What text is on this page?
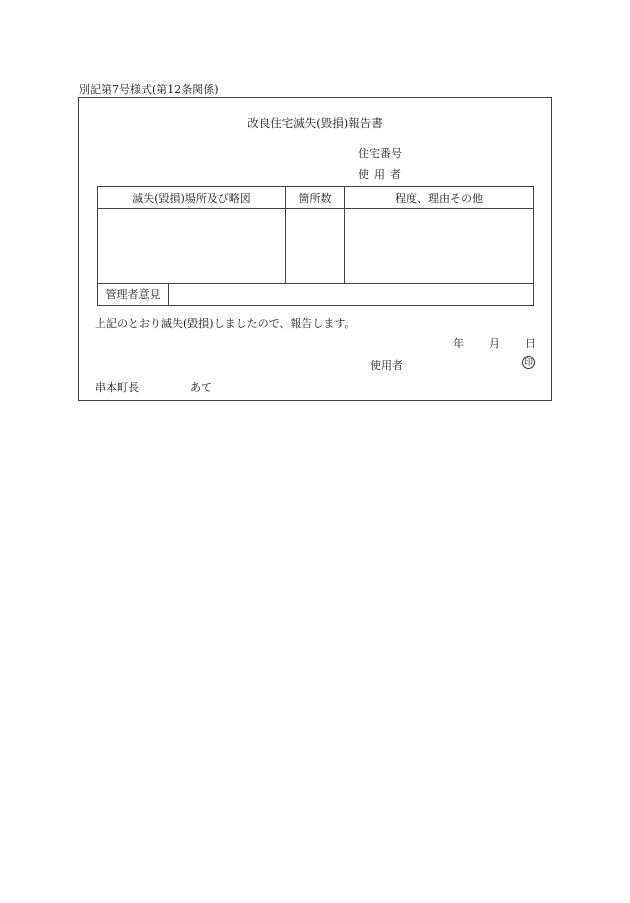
別記第7号様式(第12条関係)
改良住宅滅失(毀損)報告書
住宅番号
使用者
滅失(毀損)場所及び略図	箇所数	程度、理由その他

管理者意見		
上記のとおり滅失(毀損)しましたので、報告します。
年 月 日
使用者	印
串本町長	あて
